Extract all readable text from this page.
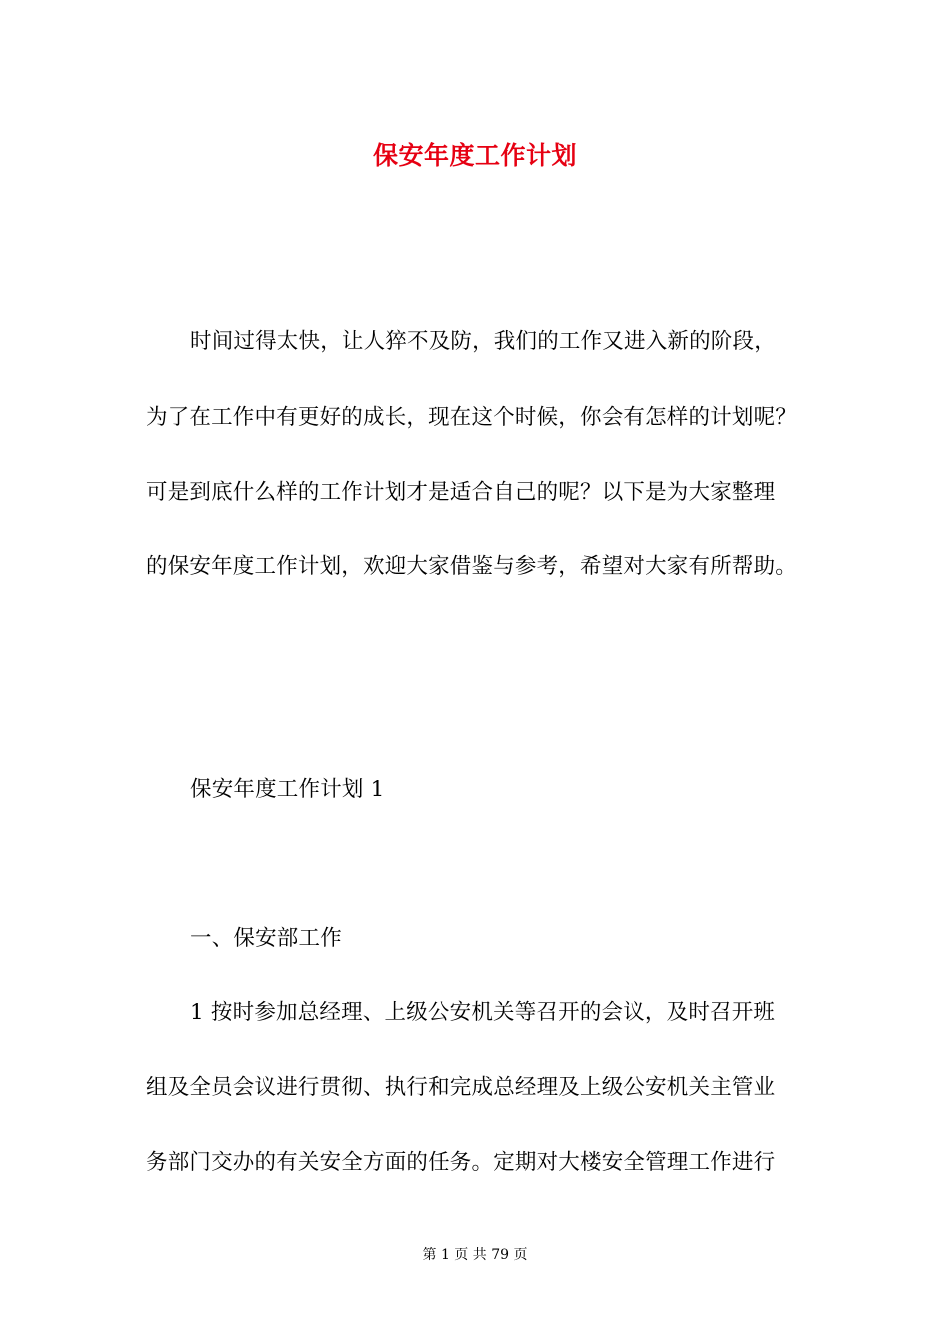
保安年度工作计划
时间过得太快，让人猝不及防，我们的工作又进入新的阶段，
为了在工作中有更好的成长，现在这个时候，你会有怎样的计划呢？
可是到底什么样的工作计划才是适合自己的呢？以下是为大家整理
的保安年度工作计划，欢迎大家借鉴与参考，希望对大家有所帮助。
保安年度工作计划 1
一、保安部工作
1 按时参加总经理、上级公安机关等召开的会议，及时召开班
组及全员会议进行贯彻、执行和完成总经理及上级公安机关主管业
务部门交办的有关安全方面的任务。定期对大楼安全管理工作进行
第 1 页 共 79 页
